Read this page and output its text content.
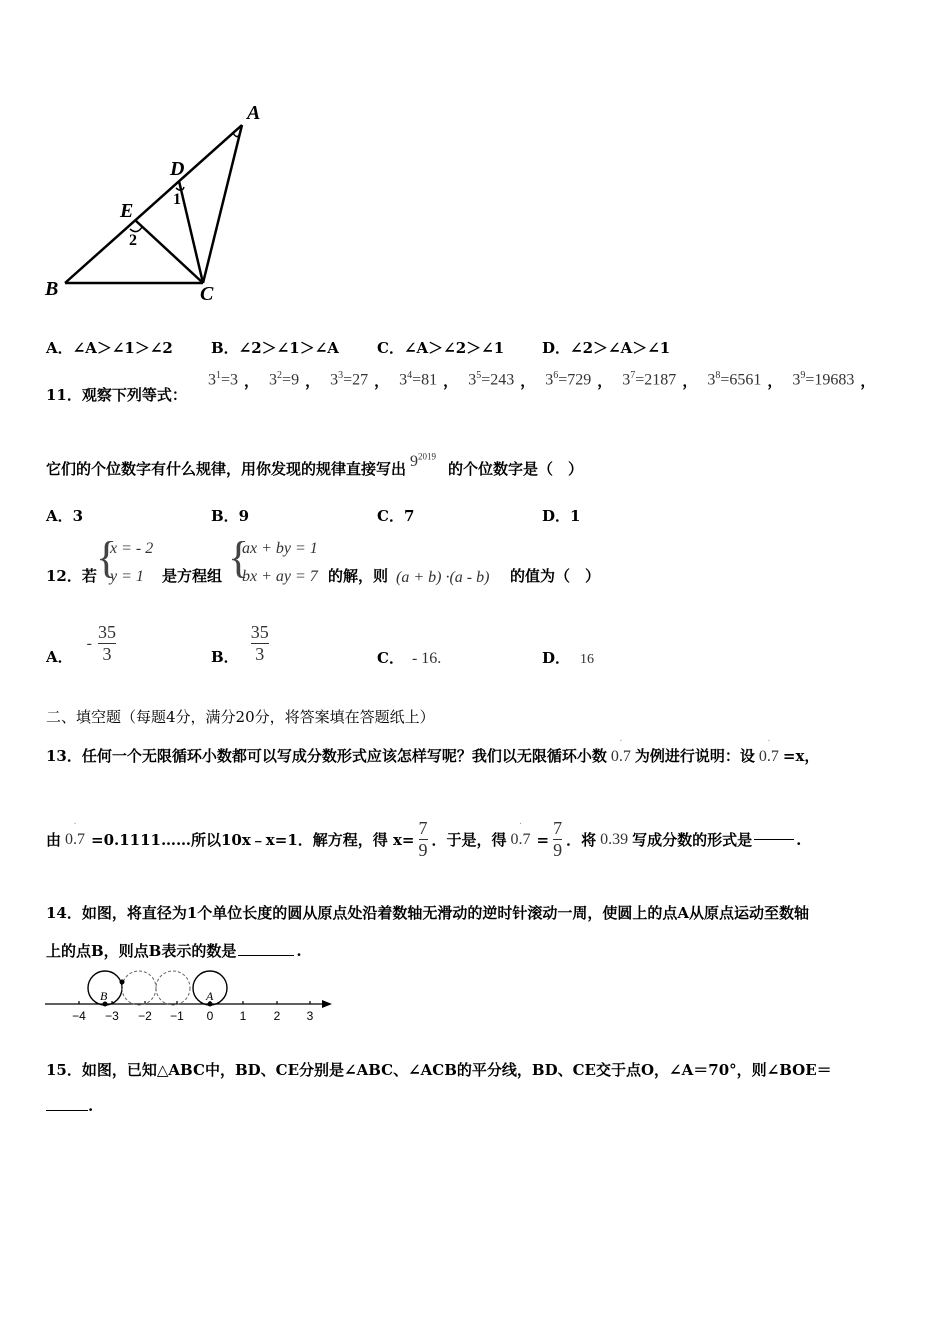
A
D
1
E
2
B	C
A．∠A＞∠1＞∠2	B．∠2＞∠1＞∠A	C．∠A＞∠2＞∠1	D．∠2＞∠A＞∠1
11．观察下列等式：
$3^1=3$ ， $3^2=9$ ， $3^3=27$ ， $3^4=81$ ， $3^5=243$ ， $3^6=729$ ， $3^7=2187$ ， $3^8=6561$ ， $3^9=19683$ ，
它们的个位数字有什么规律，用你发现的规律直接写出 $9^{2019}$的个位数字是（　）
A．3	B．9	C．7	D．1
12．若 {
x = - 2
y = 1 是方程组 {
ax + by = 1
bx + ay = 7 的解，则 (a + b) ·(a - b) 的值为（　）
A．
- $\frac{35}{3}$	B． $\frac{35}{3}$	C． - 16.	D． 16
二、填空题（每题4分，满分20分，将答案填在答题纸上）
13．任何一个无限循环小数都可以写成分数形式应该怎样写呢？我们以无限循环小数 · 0.7 为例进行说明：设 · 0.7 =x，
由 · 0.7 =0.1111……所以10x﹣x=1．解方程，得 $x= \frac{7}{9}$ ．于是，得 · $0.7 = \frac{7}{9}$ ．将 0.39 写成分数的形式是	.
14．如图，将直径为1个单位长度的圆从原点处沿着数轴无滑动的逆时针滚动一周，使圆上的点A从原点运动至数轴
上的点B，则点B表示的数是	.
B	A
−4 −3 −2 −1 0 1 2 3
15．如图，已知△ABC中，BD、CE分别是∠ABC、∠ACB的平分线，BD、CE交于点O，∠A＝70°，则∠BOE＝
.
